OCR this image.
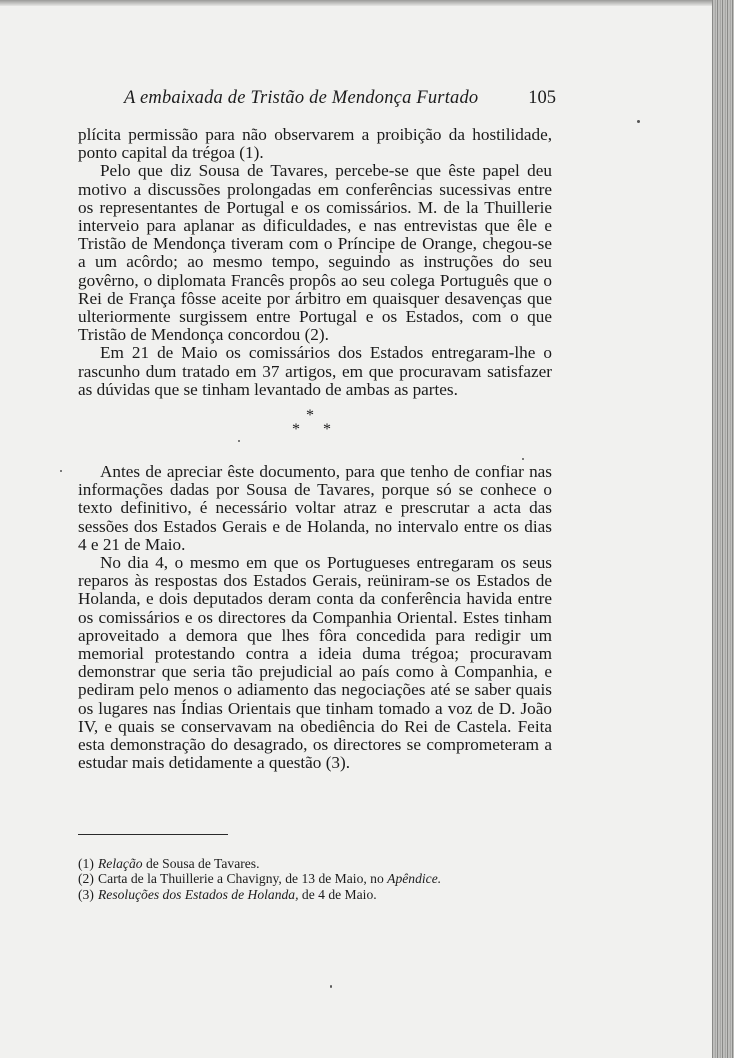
A embaixada de Tristão de Mendonça Furtado	105

plícita permissão para não observarem a proibição da hostilidade, ponto capital da trégoa (1).

Pelo que diz Sousa de Tavares, percebe-se que êste papel deu motivo a discussões prolongadas em conferências sucessivas entre os representantes de Portugal e os comissários. M. de la Thuillerie interveio para aplanar as dificuldades, e nas entrevistas que êle e Tristão de Mendonça tiveram com o Príncipe de Orange, chegou-se a um acôrdo; ao mesmo tempo, seguindo as instruções do seu govêrno, o diplomata Francês propôs ao seu colega Português que o Rei de França fôsse aceite por árbitro em quaisquer desavenças que ulteriormente surgissem entre Portugal e os Estados, com o que Tristão de Mendonça concordou (2).

Em 21 de Maio os comissários dos Estados entregaram-lhe o rascunho dum tratado em 37 artigos, em que procuravam satisfazer as dúvidas que se tinham levantado de ambas as partes.

*
* *

Antes de apreciar êste documento, para que tenho de confiar nas informações dadas por Sousa de Tavares, porque só se conhece o texto definitivo, é necessário voltar atraz e prescrutar a acta das sessões dos Estados Gerais e de Holanda, no intervalo entre os dias 4 e 21 de Maio.

No dia 4, o mesmo em que os Portugueses entregaram os seus reparos às respostas dos Estados Gerais, reüniram-se os Estados de Holanda, e dois deputados deram conta da conferência havida entre os comissários e os directores da Companhia Oriental. Estes tinham aproveitado a demora que lhes fôra concedida para redigir um memorial protestando contra a ideia duma trégoa; procuravam demonstrar que seria tão prejudicial ao país como à Companhia, e pediram pelo menos o adiamento das negociações até se saber quais os lugares nas Índias Orientais que tinham tomado a voz de D. João IV, e quais se conservavam na obediência do Rei de Castela. Feita esta demonstração do desagrado, os directores se comprometeram a estudar mais detidamente a questão (3).

(1) Relação de Sousa de Tavares.
(2) Carta de la Thuillerie a Chavigny, de 13 de Maio, no Apêndice.
(3) Resoluções dos Estados de Holanda, de 4 de Maio.
